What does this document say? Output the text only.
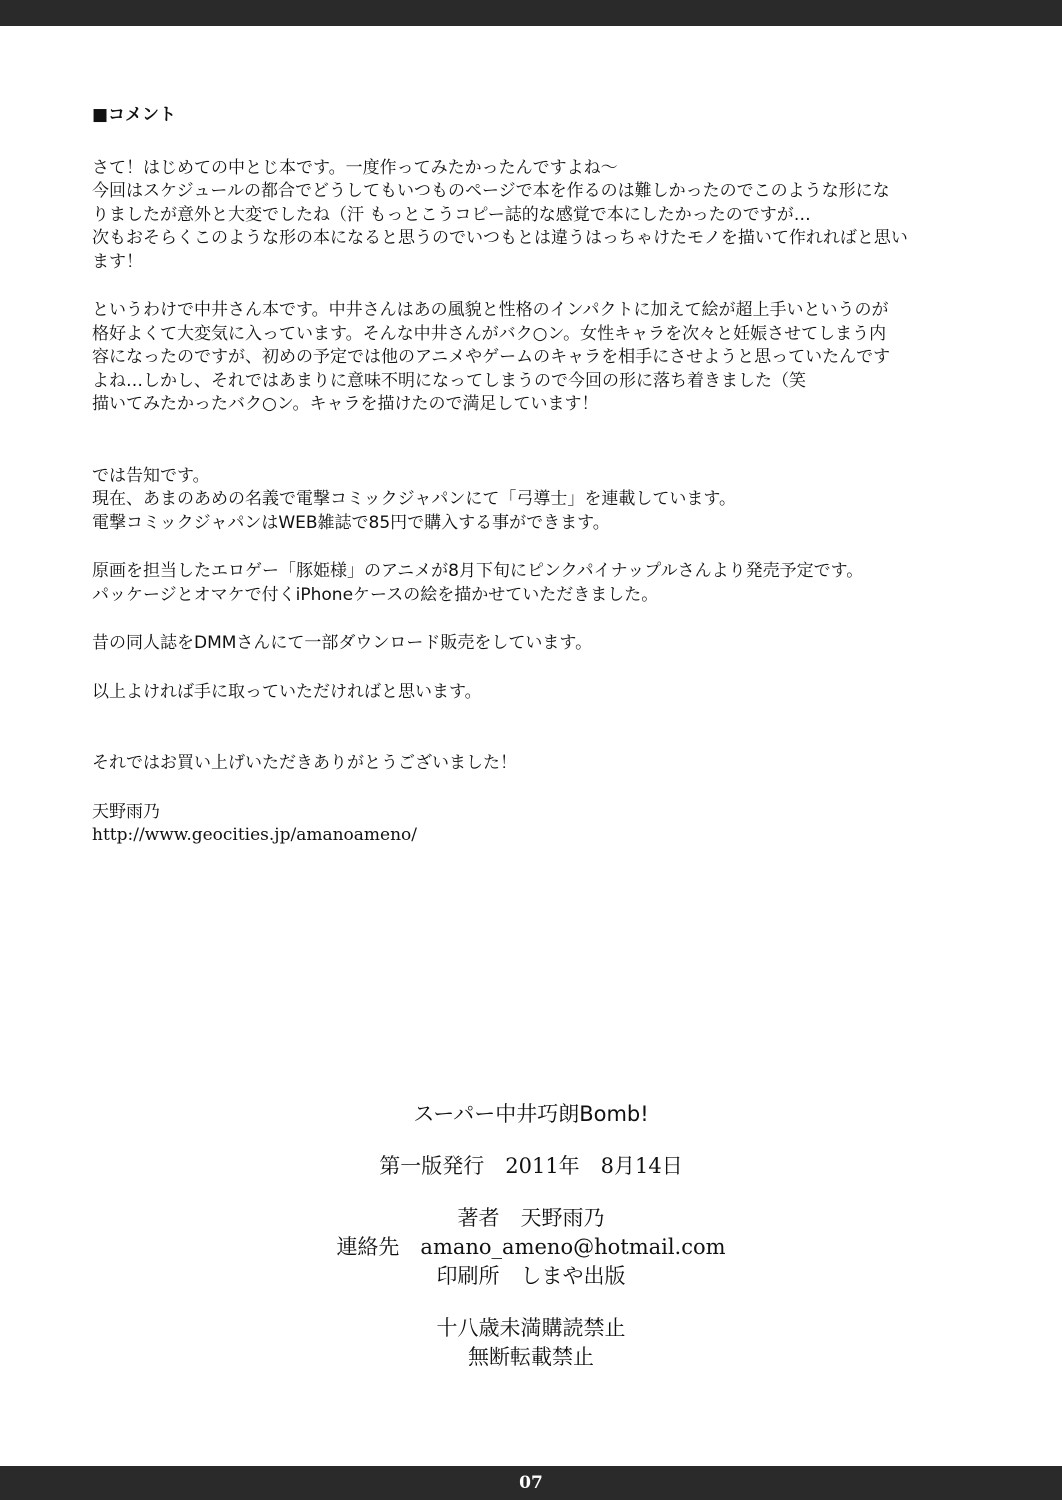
■コメント

さて！はじめての中とじ本です。一度作ってみたかったんですよね～

今回はスケジュールの都合でどうしてもいつものページで本を作るのは難しかったのでこのような形にな

りましたが意外と大変でしたね（汗 もっとこうコピー誌的な感覚で本にしたかったのですが…

次もおそらくこのような形の本になると思うのでいつもとは違うはっちゃけたモノを描いて作れればと思い

ます！

というわけで中井さん本です。中井さんはあの風貌と性格のインパクトに加えて絵が超上手いというのが

格好よくて大変気に入っています。そんな中井さんがバク○ン。女性キャラを次々と妊娠させてしまう内

容になったのですが、初めの予定では他のアニメやゲームのキャラを相手にさせようと思っていたんです

よね…しかし、それではあまりに意味不明になってしまうので今回の形に落ち着きました（笑

描いてみたかったバク○ン。キャラを描けたので満足しています！

では告知です。

現在、あまのあめの名義で電撃コミックジャパンにて「弓導士」を連載しています。

電撃コミックジャパンはWEB雑誌で85円で購入する事ができます。

原画を担当したエロゲー「豚姫様」のアニメが8月下旬にピンクパイナップルさんより発売予定です。

パッケージとオマケで付くiPhoneケースの絵を描かせていただきました。

昔の同人誌をDMMさんにて一部ダウンロード販売をしています。

以上よければ手に取っていただければと思います。

それではお買い上げいただきありがとうございました！

天野雨乃

http://www.geocities.jp/amanoameno/

スーパー中井巧朗Bomb!

第一版発行　2011年　8月14日

著者　天野雨乃

連絡先　amano_ameno@hotmail.com

印刷所　しまや出版

十八歳未満購読禁止

無断転載禁止

07
